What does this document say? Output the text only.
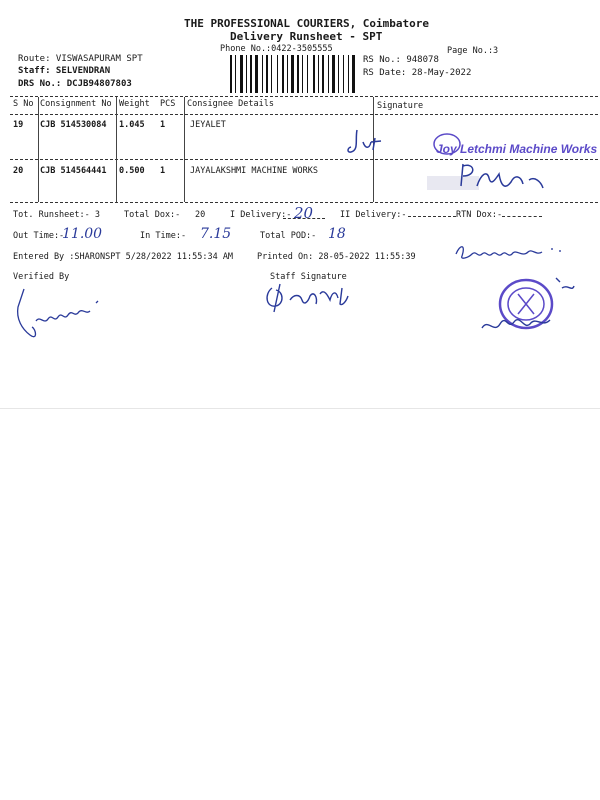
THE PROFESSIONAL COURIERS, Coimbatore
Delivery Runsheet - SPT
Phone No.:0422-3505555	Page No.:3
Route: VISWASAPURAM SPT
Staff: SELVENDRAN
DRS No.: DCJB94807803
RS No.: 948078
RS Date: 28-May-2022
S No Consignment No Weight PCS Consignee Details	Signature
19 CJB 514530084 1.045 1	JEYALET
20 CJB 514564441 0.500 1	JAYALAKSHMI MACHINE WORKS
Joy Letchmi Machine Works
Tot. Runsheet:- 3	Total Dox:- 20	I Delivery:- 20	II Delivery:-	RTN Dox:-
Out Time:-
11.00	In Time:- 7.15	Total POD:- 18
Entered By :SHARONSPT 5/28/2022 11:55:34 AM	Printed On: 28-05-2022 11:55:39
Verified By	Staff Signature
